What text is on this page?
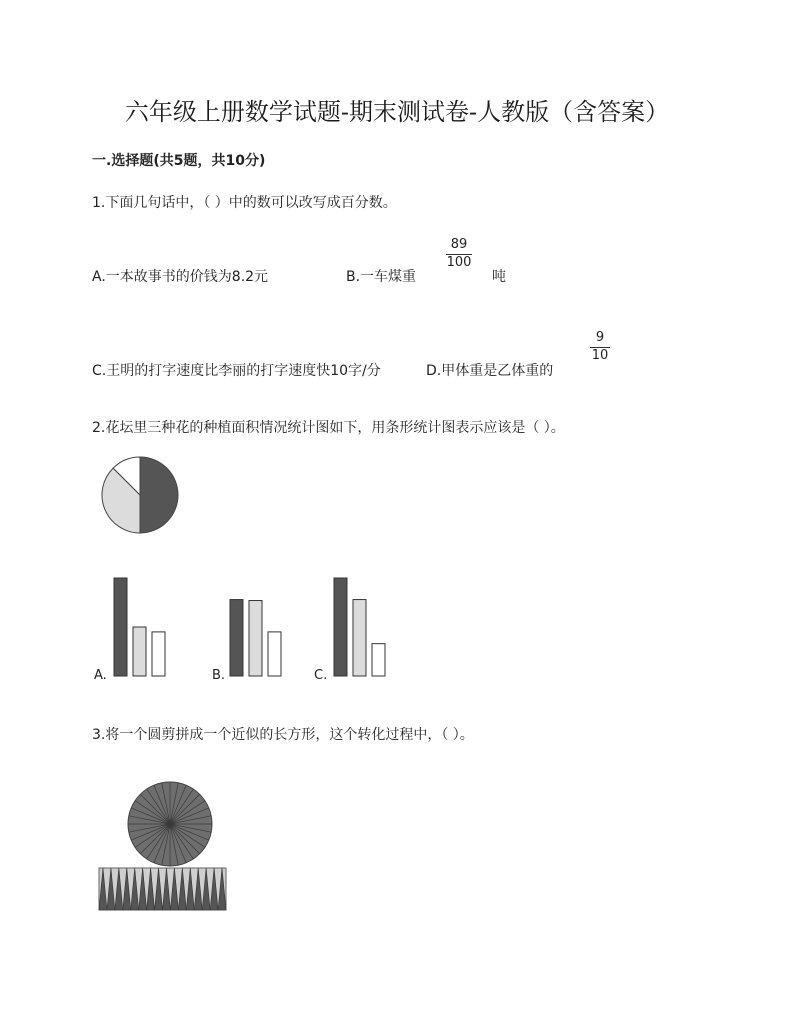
六年级上册数学试题-期末测试卷-人教版（含答案）
一.选择题(共5题，共10分)
1.下面几句话中，（ ）中的数可以改写成百分数。
A.一本故事书的价钱为8.2元	B.一车煤重
89
100
吨
C.王明的打字速度比李丽的打字速度快10字/分	D.甲体重是乙体重的
9
10
2.花坛里三种花的种植面积情况统计图如下，用条形统计图表示应该是（ ）。
A.	B.	C.
3.将一个圆剪拼成一个近似的长方形，这个转化过程中，（ ）。
